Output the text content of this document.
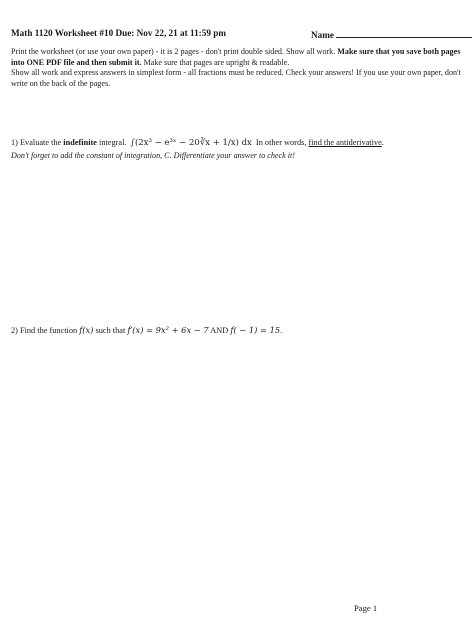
Math 1120 Worksheet #10 Due: Nov 22, 21 at 11:59 pm	Name
Print the worksheet (or use your own paper) - it is 2 pages - don't print double sided. Show all work. Make sure that you save both pages into ONE PDF file and then submit it. Make sure that pages are upright & readable.
Show all work and express answers in simplest form - all fractions must be reduced. Check your answers! If you use your own paper, don't write on the back of the pages.
1) Evaluate the indefinite integral. ∫(2x³ − e³ˣ − 20∛x + 1/x) dx In other words, find the antiderivative.
Don't forget to add the constant of integration, C. Differentiate your answer to check it!
2) Find the function f(x) such that f′(x) = 9x² + 6x − 7 AND f( − 1) = 15.
Page 1
